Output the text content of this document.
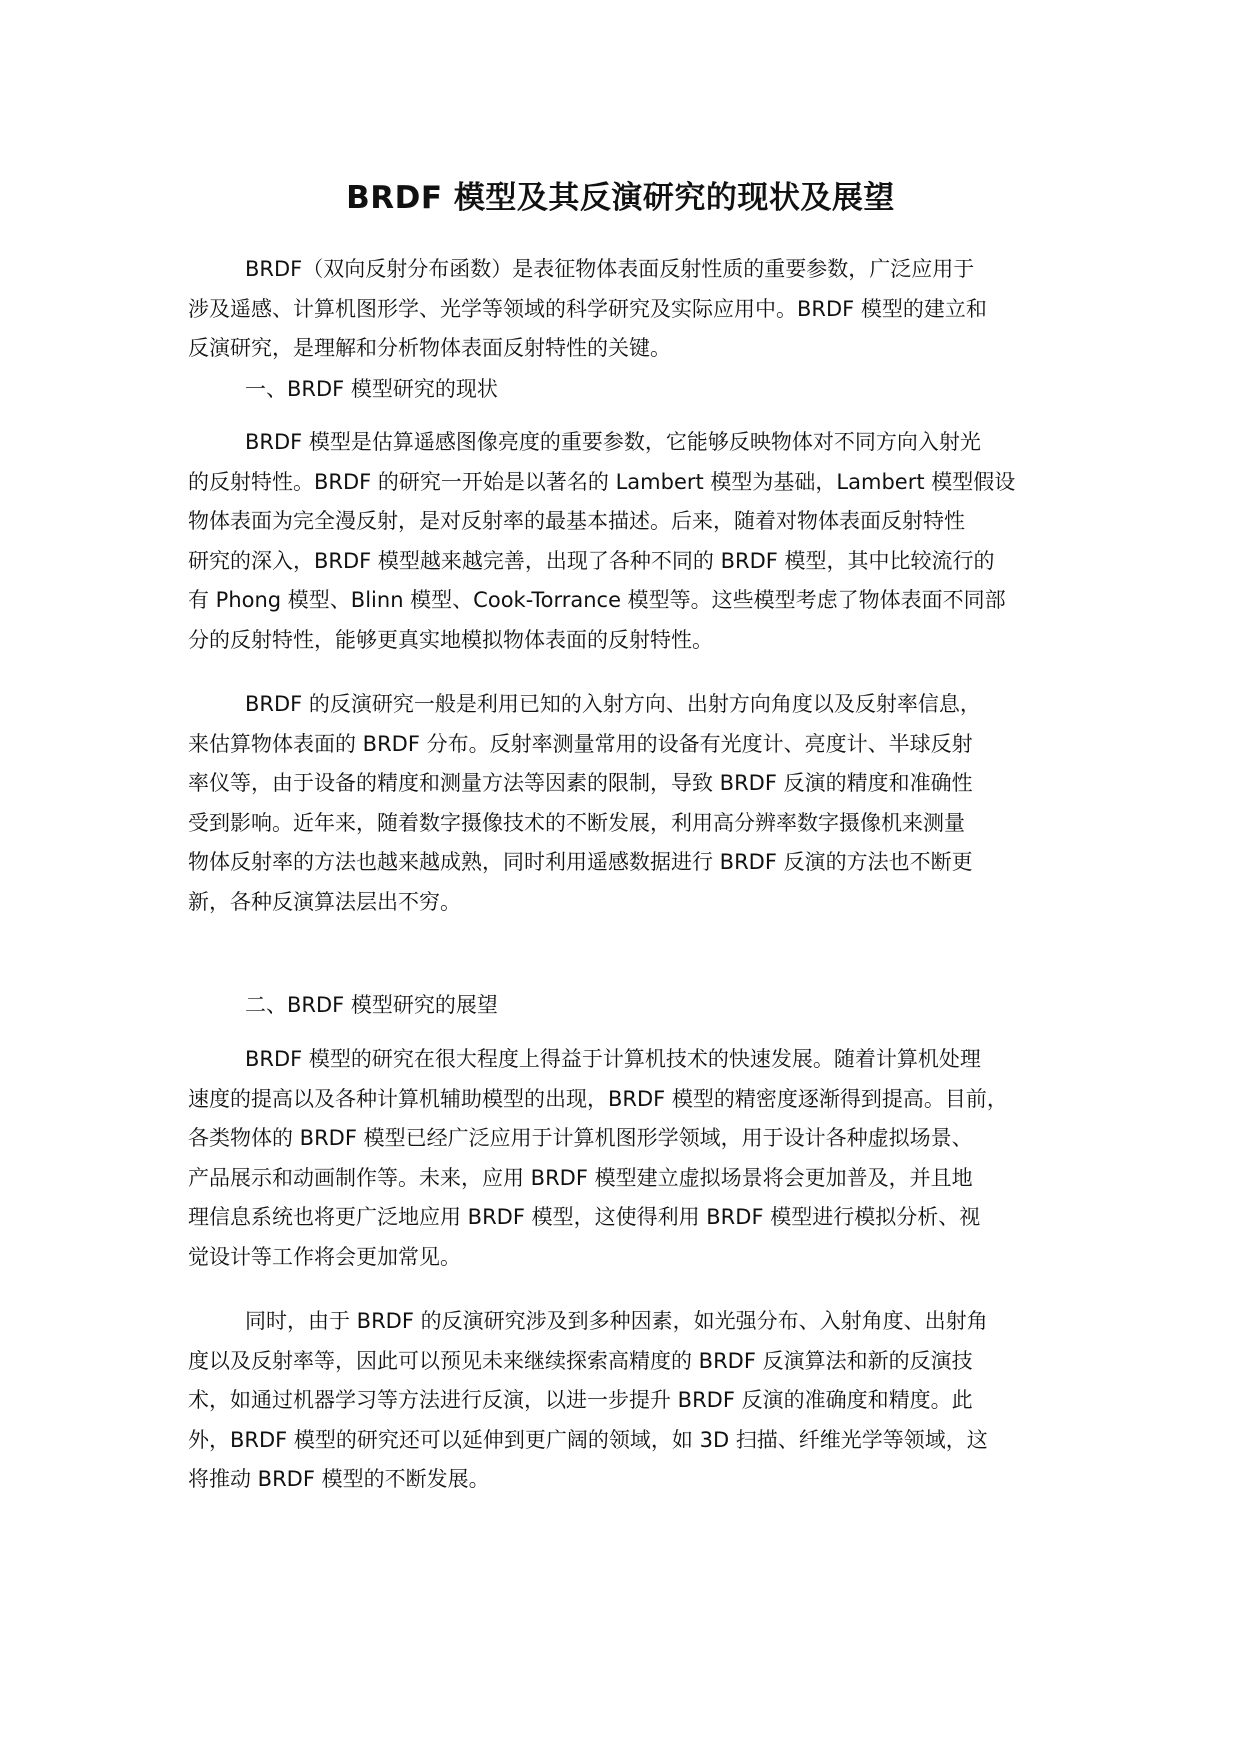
BRDF 模型及其反演研究的现状及展望

BRDF（双向反射分布函数）是表征物体表面反射性质的重要参数，广泛应用于
涉及遥感、计算机图形学、光学等领域的科学研究及实际应用中。BRDF 模型的建立和
反演研究，是理解和分析物体表面反射特性的关键。

一、BRDF 模型研究的现状

BRDF 模型是估算遥感图像亮度的重要参数，它能够反映物体对不同方向入射光
的反射特性。BRDF 的研究一开始是以著名的 Lambert 模型为基础，Lambert 模型假设
物体表面为完全漫反射，是对反射率的最基本描述。后来，随着对物体表面反射特性
研究的深入，BRDF 模型越来越完善，出现了各种不同的 BRDF 模型，其中比较流行的
有 Phong 模型、Blinn 模型、Cook-Torrance 模型等。这些模型考虑了物体表面不同部
分的反射特性，能够更真实地模拟物体表面的反射特性。

BRDF 的反演研究一般是利用已知的入射方向、出射方向角度以及反射率信息，
来估算物体表面的 BRDF 分布。反射率测量常用的设备有光度计、亮度计、半球反射
率仪等，由于设备的精度和测量方法等因素的限制，导致 BRDF 反演的精度和准确性
受到影响。近年来，随着数字摄像技术的不断发展，利用高分辨率数字摄像机来测量
物体反射率的方法也越来越成熟，同时利用遥感数据进行 BRDF 反演的方法也不断更
新，各种反演算法层出不穷。

二、BRDF 模型研究的展望

BRDF 模型的研究在很大程度上得益于计算机技术的快速发展。随着计算机处理
速度的提高以及各种计算机辅助模型的出现，BRDF 模型的精密度逐渐得到提高。目前，
各类物体的 BRDF 模型已经广泛应用于计算机图形学领域，用于设计各种虚拟场景、
产品展示和动画制作等。未来，应用 BRDF 模型建立虚拟场景将会更加普及，并且地
理信息系统也将更广泛地应用 BRDF 模型，这使得利用 BRDF 模型进行模拟分析、视
觉设计等工作将会更加常见。

同时，由于 BRDF 的反演研究涉及到多种因素，如光强分布、入射角度、出射角
度以及反射率等，因此可以预见未来继续探索高精度的 BRDF 反演算法和新的反演技
术，如通过机器学习等方法进行反演，以进一步提升 BRDF 反演的准确度和精度。此
外，BRDF 模型的研究还可以延伸到更广阔的领域，如 3D 扫描、纤维光学等领域，这
将推动 BRDF 模型的不断发展。
